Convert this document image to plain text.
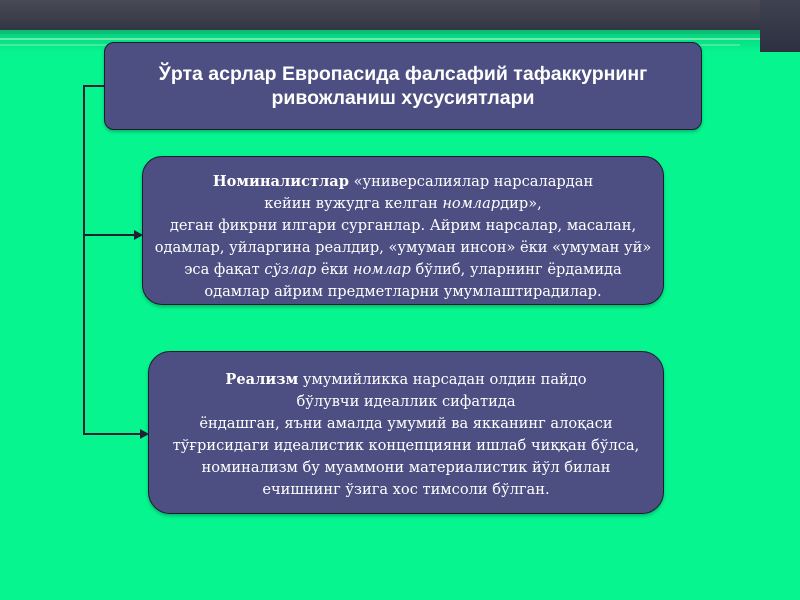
Ўрта асрлар Европасида фалсафий тафаккурнинг
ривожланиш хусусиятлари
Номиналистлар «универсалиялар нарсалардан
кейин вужудга келган номлардир»,
деган фикрни илгари сурганлар. Айрим нарсалар, масалан,
одамлар, уйларгина реалдир, «умуман инсон» ёки «умуман уй»
эса фақат сўзлар ёки номлар бўлиб, уларнинг ёрдамида
одамлар айрим предметларни умумлаштирадилар.
Реализм умумийликка нарсадан олдин пайдо
бўлувчи идеаллик сифатида
ёндашган, яъни амалда умумий ва якканинг алоқаси
тўғрисидаги идеалистик концепцияни ишлаб чиққан бўлса,
номинализм бу муаммони материалистик йўл билан
ечишнинг ўзига хос тимсоли бўлган.
